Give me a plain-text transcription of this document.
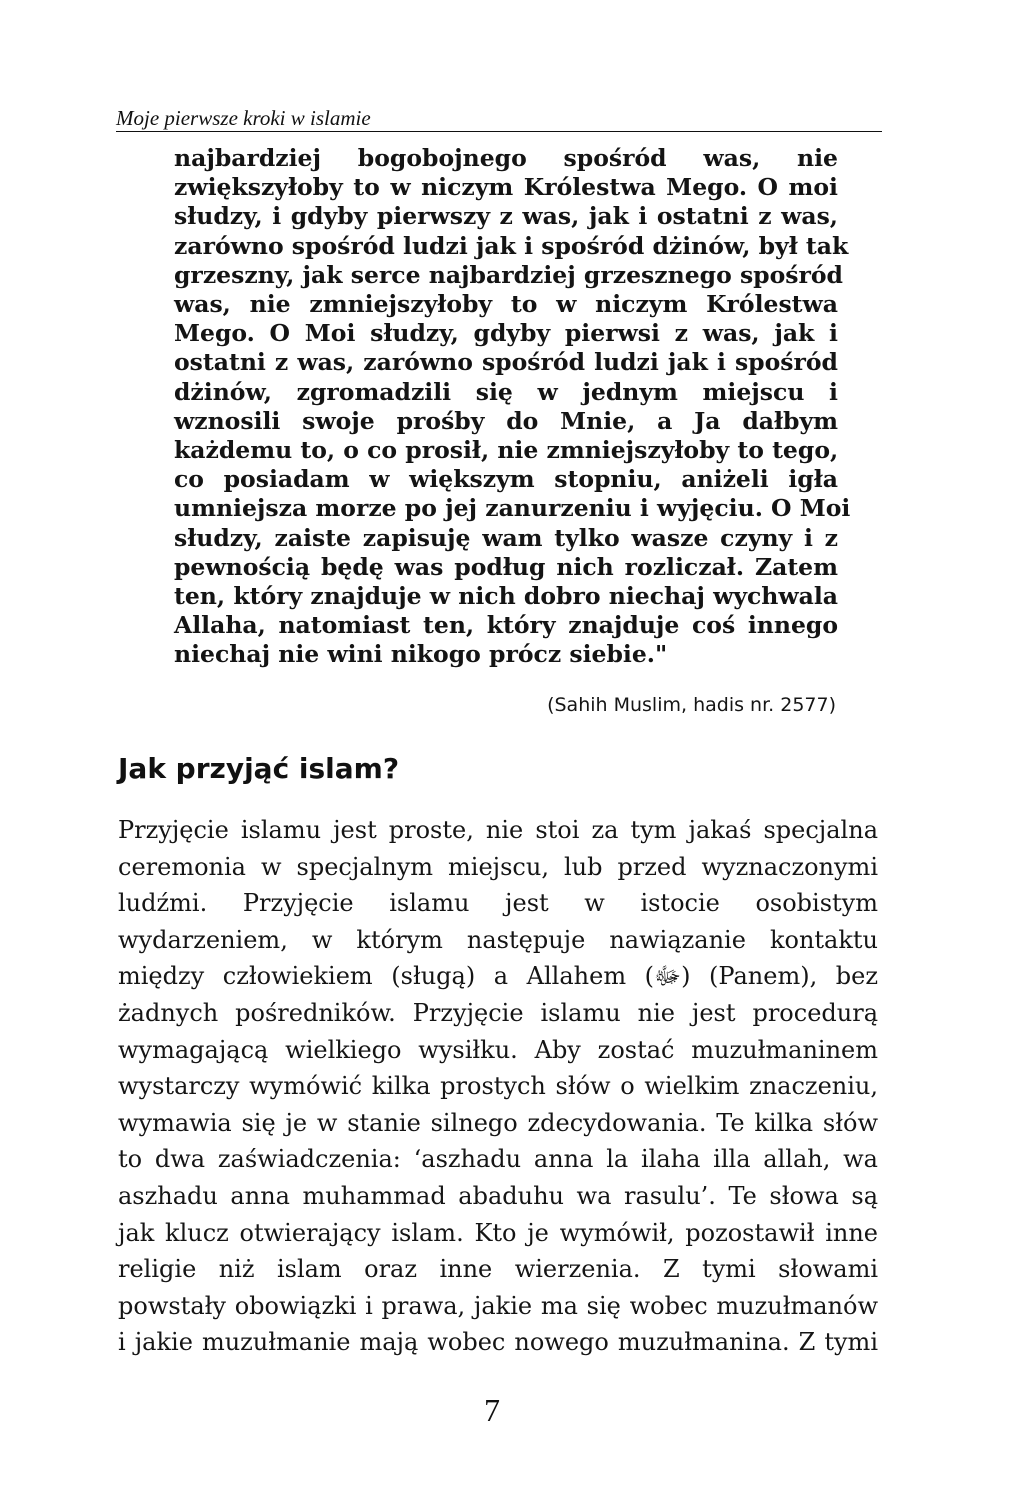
Moje pierwsze kroki w islamie
najbardziej bogobojnego spośród was, nie
zwiększyłoby to w niczym Królestwa Mego. O moi
słudzy, i gdyby pierwszy z was, jak i ostatni z was,
zarówno spośród ludzi jak i spośród dżinów, był tak
grzeszny, jak serce najbardziej grzesznego spośród
was, nie zmniejszyłoby to w niczym Królestwa
Mego. O Moi słudzy, gdyby pierwsi z was, jak i
ostatni z was, zarówno spośród ludzi jak i spośród
dżinów, zgromadzili się w jednym miejscu i
wznosili swoje prośby do Mnie, a Ja dałbym
każdemu to, o co prosił, nie zmniejszyłoby to tego,
co posiadam w większym stopniu, aniżeli igła
umniejsza morze po jej zanurzeniu i wyjęciu. O Moi
słudzy, zaiste zapisuję wam tylko wasze czyny i z
pewnością będę was podług nich rozliczał. Zatem
ten, który znajduje w nich dobro niechaj wychwala
Allaha, natomiast ten, który znajduje coś innego
niechaj nie wini nikogo prócz siebie."
(Sahih Muslim, hadis nr. 2577)
Jak przyjąć islam?
Przyjęcie islamu jest proste, nie stoi za tym jakaś specjalna
ceremonia w specjalnym miejscu, lub przed wyznaczonymi
ludźmi. Przyjęcie islamu jest w istocie osobistym
wydarzeniem, w którym następuje nawiązanie kontaktu
między człowiekiem (sługą) a Allahem (ﷻ) (Panem), bez
żadnych pośredników. Przyjęcie islamu nie jest procedurą
wymagającą wielkiego wysiłku. Aby zostać muzułmaninem
wystarczy wymówić kilka prostych słów o wielkim znaczeniu,
wymawia się je w stanie silnego zdecydowania. Te kilka słów
to dwa zaświadczenia: ‘aszhadu anna la ilaha illa allah, wa
aszhadu anna muhammad abaduhu wa rasulu’. Te słowa są
jak klucz otwierający islam. Kto je wymówił, pozostawił inne
religie niż islam oraz inne wierzenia. Z tymi słowami
powstały obowiązki i prawa, jakie ma się wobec muzułmanów
i jakie muzułmanie mają wobec nowego muzułmanina. Z tymi
7
